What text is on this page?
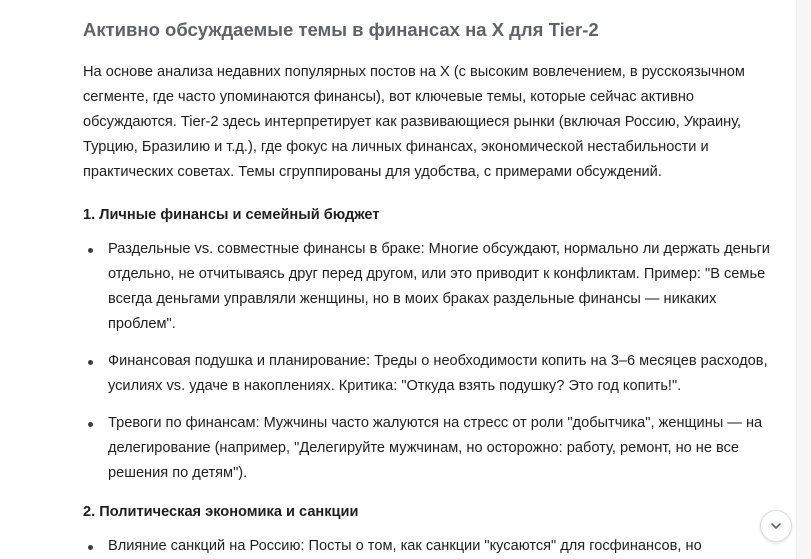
Активно обсуждаемые темы в финансах на X для Tier-2

На основе анализа недавних популярных постов на X (с высоким вовлечением, в русскоязычном сегменте, где часто упоминаются финансы), вот ключевые темы, которые сейчас активно обсуждаются. Tier-2 здесь интерпретирует как развивающиеся рынки (включая Россию, Украину, Турцию, Бразилию и т.д.), где фокус на личных финансах, экономической нестабильности и практических советах. Темы сгруппированы для удобства, с примерами обсуждений.

1. Личные финансы и семейный бюджет
Раздельные vs. совместные финансы в браке: Многие обсуждают, нормально ли держать деньги отдельно, не отчитываясь друг перед другом, или это приводит к конфликтам. Пример: "В семье всегда деньгами управляли женщины, но в моих браках раздельные финансы — никаких проблем".
Финансовая подушка и планирование: Треды о необходимости копить на 3–6 месяцев расходов, усилиях vs. удаче в накоплениях. Критика: "Откуда взять подушку? Это год копить!".
Тревоги по финансам: Мужчины часто жалуются на стресс от роли "добытчика", женщины — на делегирование (например, "Делегируйте мужчинам, но осторожно: работу, ремонт, но не все решения по детям").
2. Политическая экономика и санкции
Влияние санкций на Россию: Посты о том, как санкции "кусаются" для госфинансов, но
